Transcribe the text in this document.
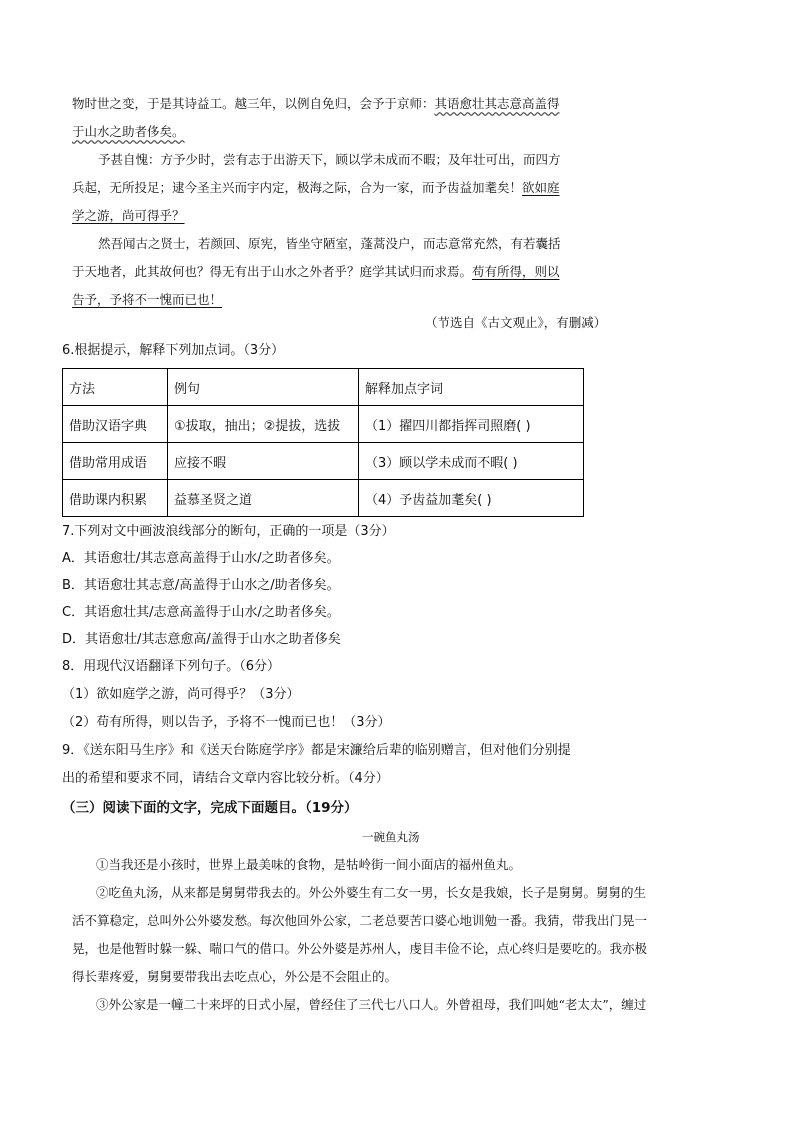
物时世之变，于是其诗益工。越三年，以例自免归，会予于京师：其语愈壮其志意高盖得
于山水之助者侈矣。
予甚自愧：方予少时，尝有志于出游天下，顾以学未成而不暇；及年壮可出，而四方
兵起，无所投足；逮今圣主兴而宇内定，极海之际，合为一家，而予齿益加耄矣！欲如庭
学之游，尚可得乎？
然吾闻古之贤士，若颜回、原宪，皆坐守陋室，蓬蒿没户，而志意常充然，有若囊括
于天地者，此其故何也？得无有出于山水之外者乎？庭学其试归而求焉。苟有所得，则以
告予，予将不一愧而已也！
（节选自《古文观止》，有删减）
6.根据提示，解释下列加点词。（3分）
方法	例句	解释加点字词
借助汉语字典	①拔取，抽出；②提拔，选拔	（1）擢四川都指挥司照磨( )
借助常用成语	应接不暇	（3）顾以学未成而不暇( )
借助课内积累	益慕圣贤之道	（4）予齿益加耄矣( )
7.下列对文中画波浪线部分的断句，正确的一项是（3分）
A．其语愈壮/其志意高盖得于山水/之助者侈矣。
B．其语愈壮其志意/高盖得于山水之/助者侈矣。
C．其语愈壮其/志意高盖得于山水/之助者侈矣。
D．其语愈壮/其志意愈高/盖得于山水之助者侈矣
8．用现代汉语翻译下列句子。（6分）
（1）欲如庭学之游，尚可得乎？（3分）
（2）苟有所得，则以告予，予将不一愧而已也！（3分）
9．《送东阳马生序》和《送天台陈庭学序》都是宋濂给后辈的临别赠言，但对他们分别提
出的希望和要求不同，请结合文章内容比较分析。（4分）
（三）阅读下面的文字，完成下面题目。（19分）
一碗鱼丸汤
①当我还是小孩时，世界上最美味的食物，是牯岭街一间小面店的福州鱼丸。
②吃鱼丸汤，从来都是舅舅带我去的。外公外婆生有二女一男，长女是我娘，长子是舅舅。舅舅的生
活不算稳定，总叫外公外婆发愁。每次他回外公家，二老总要苦口婆心地训勉一番。我猜，带我出门晃一
晃，也是他暂时躲一躲、喘口气的借口。外公外婆是苏州人，虔目丰俭不论，点心终归是要吃的。我亦极
得长辈疼爱，舅舅要带我出去吃点心，外公是不会阻止的。
③外公家是一幢二十来坪的日式小屋，曾经住了三代七八口人。外曾祖母，我们叫她“老太太”，缠过
